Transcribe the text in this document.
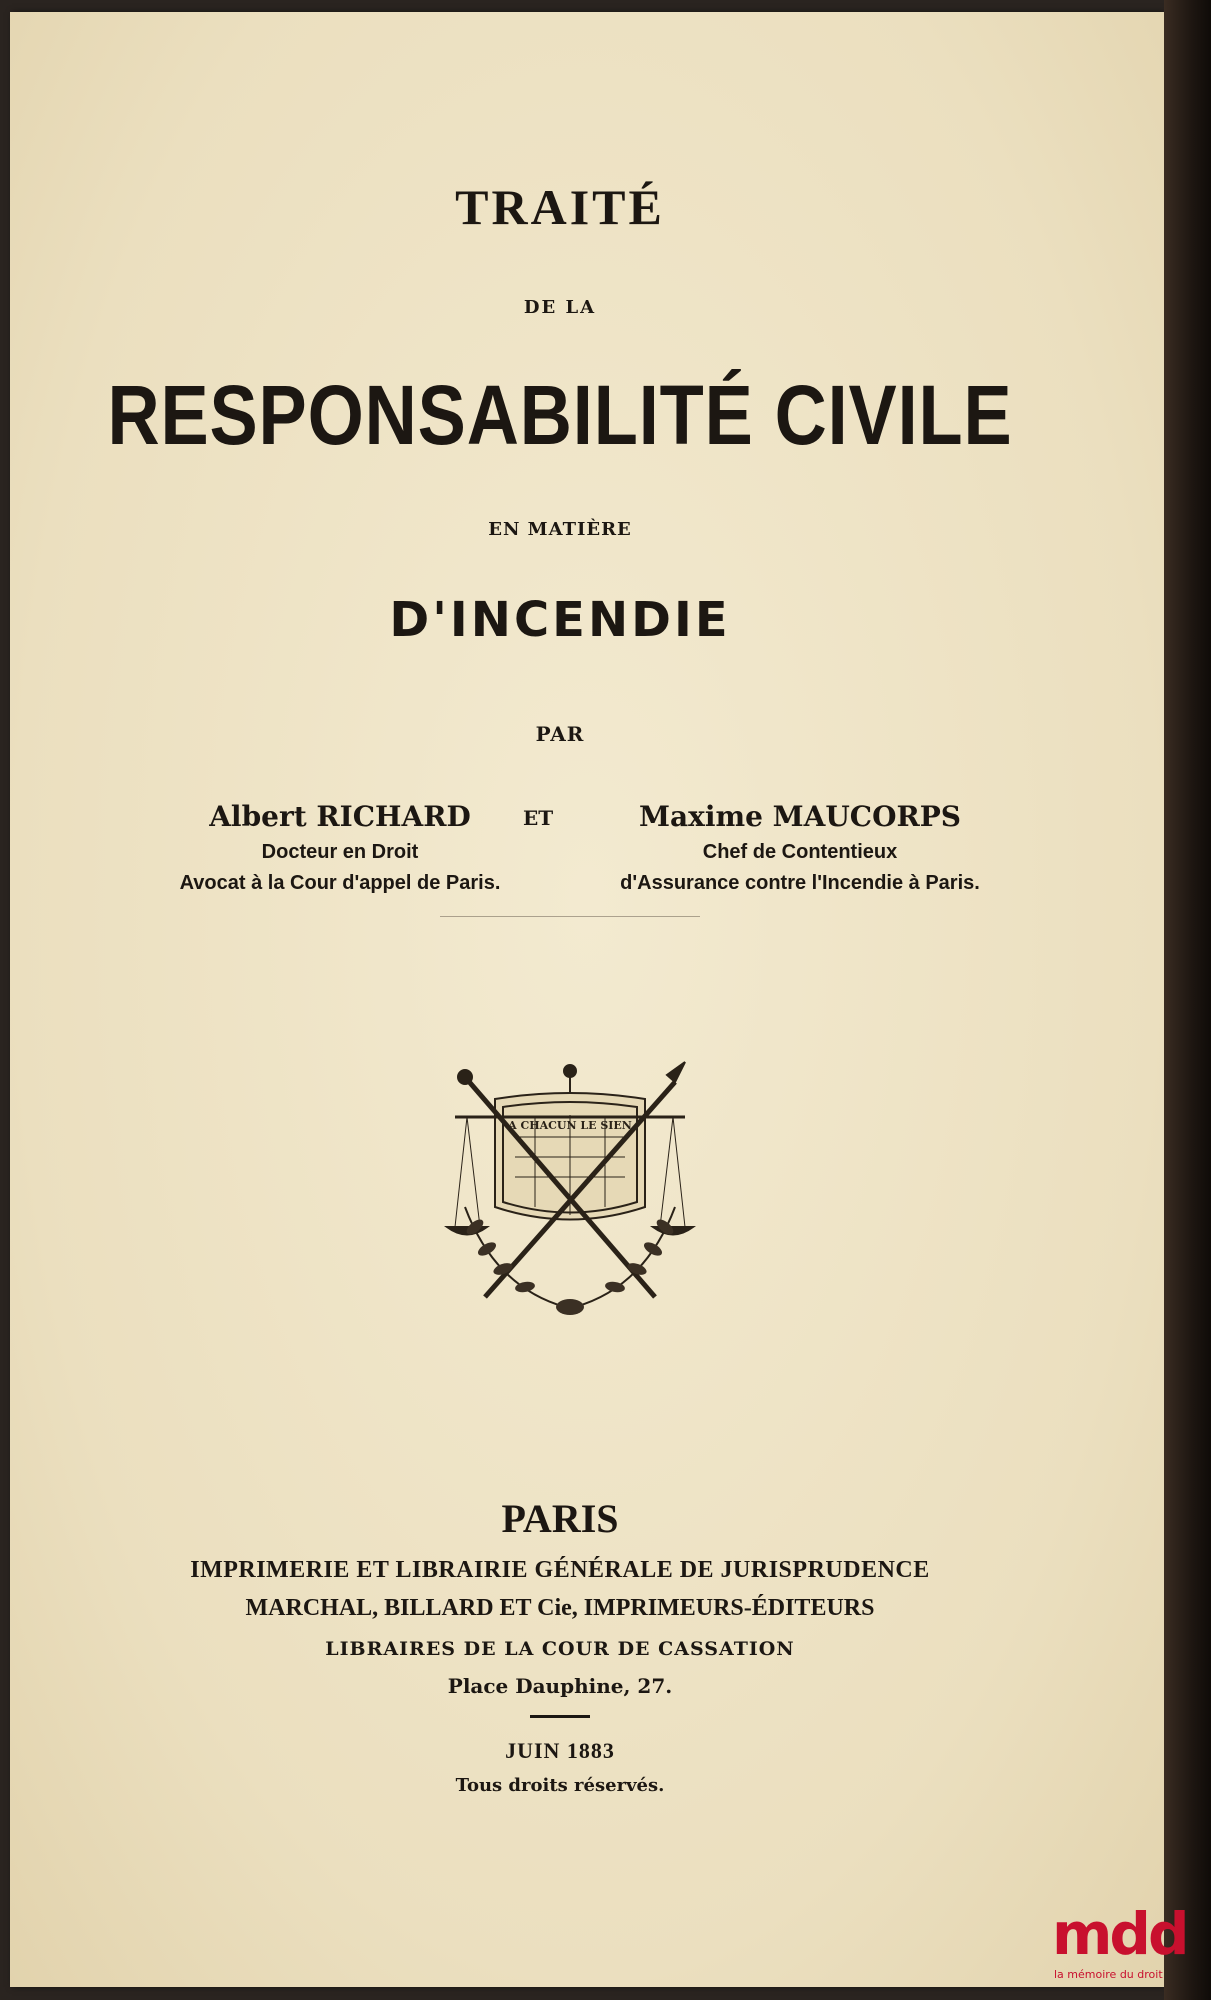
TRAITÉ
DE LA
RESPONSABILITÉ CIVILE
EN MATIÈRE
D'INCENDIE
PAR
Albert RICHARD
Docteur en Droit
Avocat à la Cour d'appel de Paris.
ET	Maxime MAUCORPS
Chef de Contentieux
d'Assurance contre l'Incendie à Paris.
A CHACUN LE SIEN
PARIS
IMPRIMERIE ET LIBRAIRIE GÉNÉRALE DE JURISPRUDENCE
MARCHAL, BILLARD ET Cie, IMPRIMEURS-ÉDITEURS
LIBRAIRES DE LA COUR DE CASSATION
Place Dauphine, 27.
JUIN 1883
Tous droits réservés.
mdd
la mémoire du droit
